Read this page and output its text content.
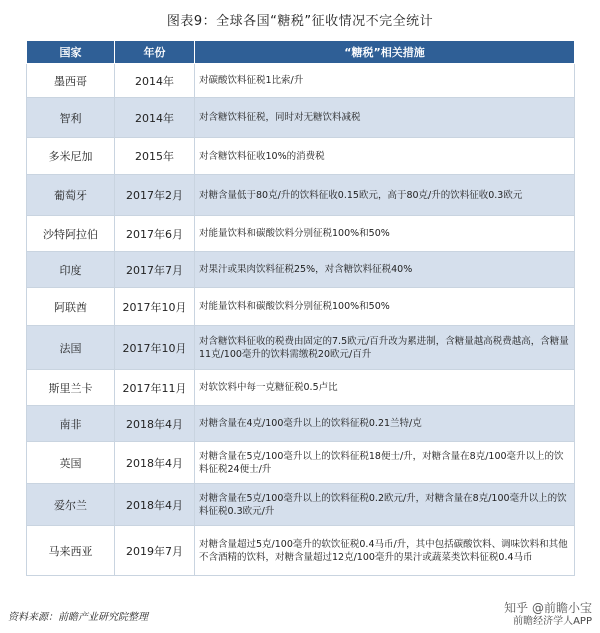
图表9：全球各国“糖税”征收情况不完全统计
国家	年份	“糖税”相关措施
墨西哥	2014年	对碳酸饮料征税1比索/升
智利	2014年	对含糖饮料征税，同时对无糖饮料减税
多米尼加	2015年	对含糖饮料征收10%的消费税
葡萄牙	2017年2月	对糖含量低于80克/升的饮料征收0.15欧元，高于80克/升的饮料征收0.3欧元
沙特阿拉伯	2017年6月	对能量饮料和碳酸饮料分别征税100%和50%
印度	2017年7月	对果汁或果肉饮料征税25%，对含糖饮料征税40%
阿联酋	2017年10月	对能量饮料和碳酸饮料分别征税100%和50%
法国	2017年10月	对含糖饮料征收的税费由固定的7.5欧元/百升改为累进制，含糖量越高税费越高，含糖量11克/100毫升的饮料需缴税20欧元/百升
斯里兰卡	2017年11月	对软饮料中每一克糖征税0.5卢比
南非	2018年4月	对糖含量在4克/100毫升以上的饮料征税0.21兰特/克
英国	2018年4月	对糖含量在5克/100毫升以上的饮料征税18便士/升，对糖含量在8克/100毫升以上的饮料征税24便士/升
爱尔兰	2018年4月	对糖含量在5克/100毫升以上的饮料征税0.2欧元/升，对糖含量在8克/100毫升以上的饮料征税0.3欧元/升
马来西亚	2019年7月	对糖含量超过5克/100毫升的软饮征税0.4马币/升，其中包括碳酸饮料、调味饮料和其他不含酒精的饮料，对糖含量超过12克/100毫升的果汁或蔬菜类饮料征税0.4马币
资料来源：前瞻产业研究院整理
知乎 @前瞻小宝
前瞻经济学人APP
